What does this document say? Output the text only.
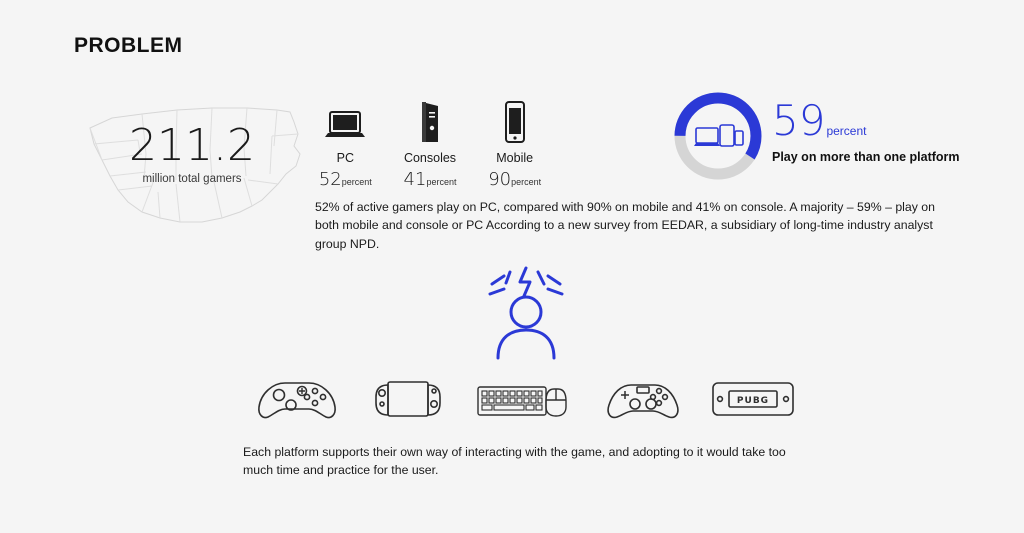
PROBLEM
211.2
million total gamers
PC
52percent
Consoles
41percent
Mobile
90percent
59percent
Play on more than one platform
52% of active gamers play on PC, compared with 90% on mobile and 41% on console. A majority – 59% – play on both mobile and console or PC According to a new survey from EEDAR, a subsidiary of long-time industry analyst group NPD.
PUBG
Each platform supports their own way of interacting with the game, and adopting to it would take too much time and practice for the user.
